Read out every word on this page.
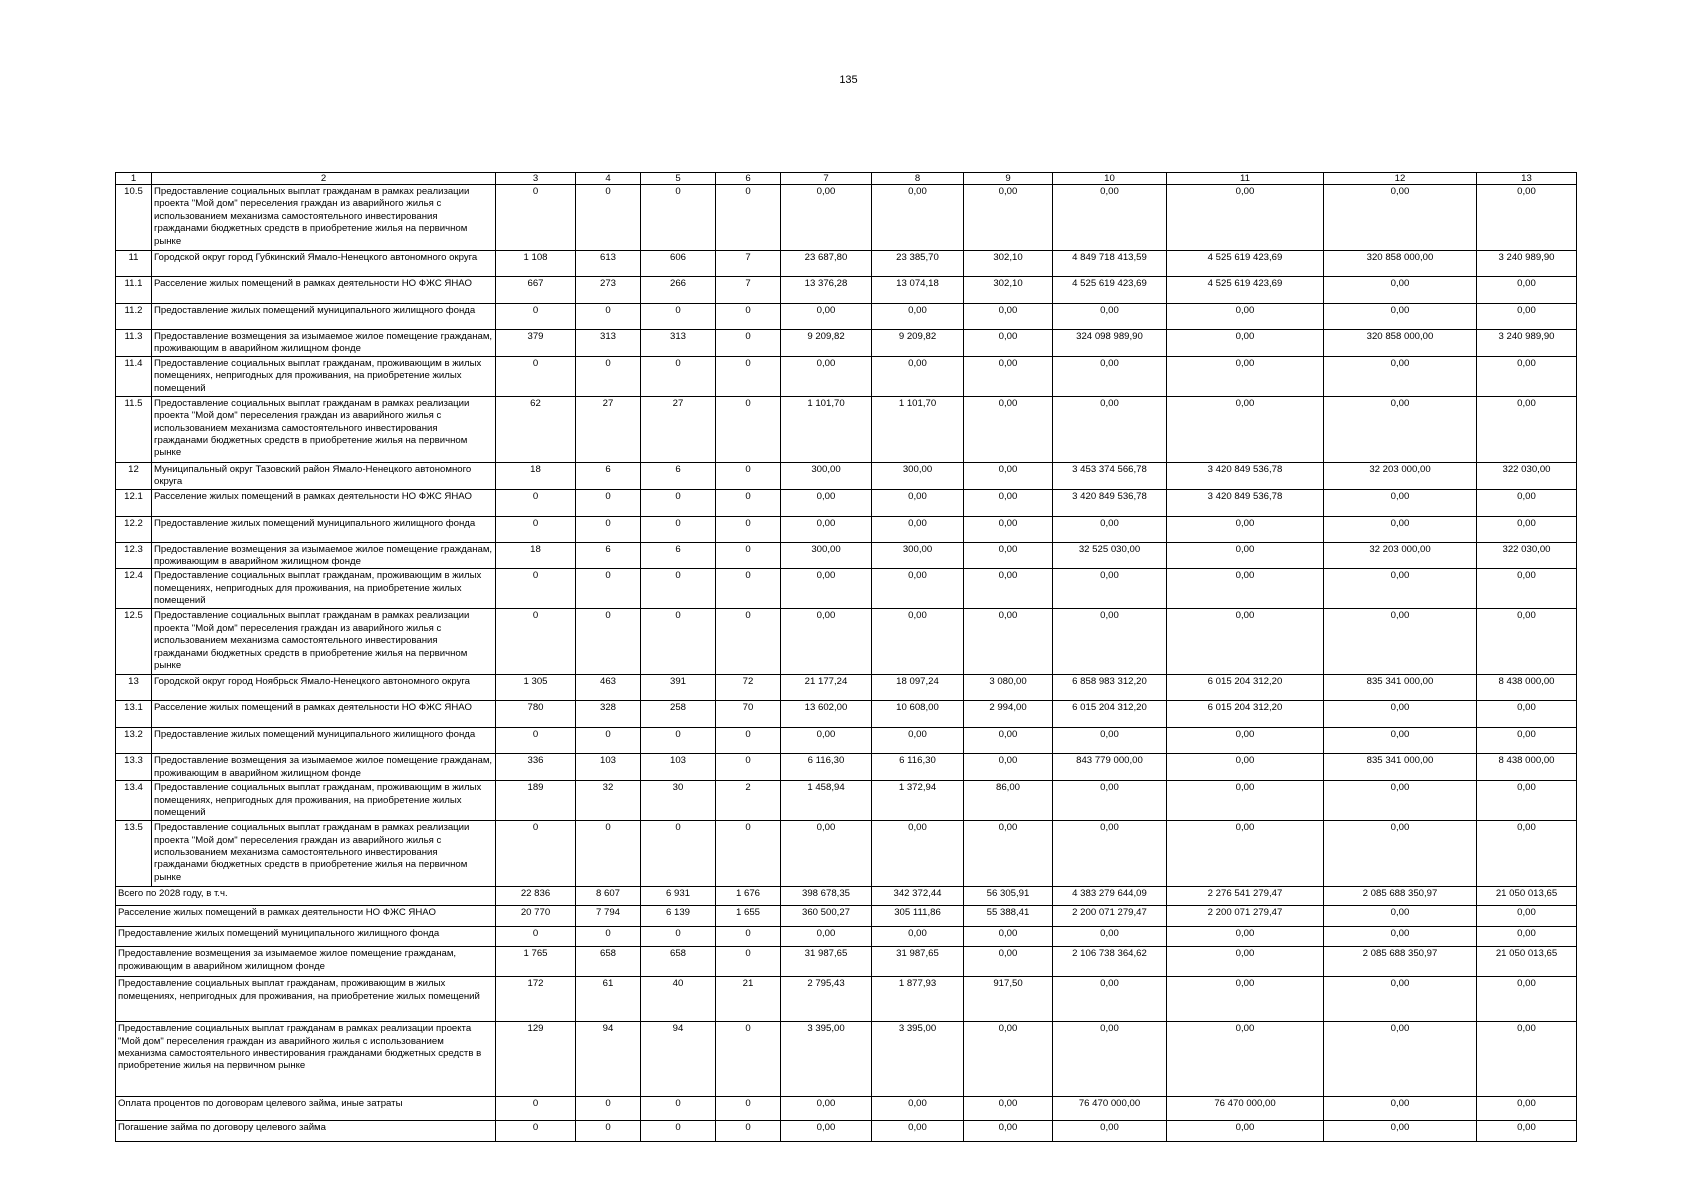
135
1	2	3	4	5	6	7	8	9	10	11	12	13
10.5	Предоставление социальных выплат гражданам в рамках реализации проекта "Мой дом" переселения граждан из аварийного жилья с использованием механизма самостоятельного инвестирования гражданами бюджетных средств в приобретение жилья на первичном рынке	0	0	0	0	0,00	0,00	0,00	0,00	0,00	0,00	0,00
11	Городской округ город Губкинский Ямало-Ненецкого автономного округа	1 108	613	606	7	23 687,80	23 385,70	302,10	4 849 718 413,59	4 525 619 423,69	320 858 000,00	3 240 989,90
11.1	Расселение жилых помещений в рамках деятельности НО ФЖС ЯНАО	667	273	266	7	13 376,28	13 074,18	302,10	4 525 619 423,69	4 525 619 423,69	0,00	0,00
11.2	Предоставление жилых помещений муниципального жилищного фонда	0	0	0	0	0,00	0,00	0,00	0,00	0,00	0,00	0,00
11.3	Предоставление возмещения за изымаемое жилое помещение гражданам, проживающим в аварийном жилищном фонде	379	313	313	0	9 209,82	9 209,82	0,00	324 098 989,90	0,00	320 858 000,00	3 240 989,90
11.4	Предоставление социальных выплат гражданам, проживающим в жилых помещениях, непригодных для проживания, на приобретение жилых помещений	0	0	0	0	0,00	0,00	0,00	0,00	0,00	0,00	0,00
11.5	Предоставление социальных выплат гражданам в рамках реализации проекта "Мой дом" переселения граждан из аварийного жилья с использованием механизма самостоятельного инвестирования гражданами бюджетных средств в приобретение жилья на первичном рынке	62	27	27	0	1 101,70	1 101,70	0,00	0,00	0,00	0,00	0,00
12	Муниципальный округ Тазовский район Ямало-Ненецкого автономного округа	18	6	6	0	300,00	300,00	0,00	3 453 374 566,78	3 420 849 536,78	32 203 000,00	322 030,00
12.1	Расселение жилых помещений в рамках деятельности НО ФЖС ЯНАО	0	0	0	0	0,00	0,00	0,00	3 420 849 536,78	3 420 849 536,78	0,00	0,00
12.2	Предоставление жилых помещений муниципального жилищного фонда	0	0	0	0	0,00	0,00	0,00	0,00	0,00	0,00	0,00
12.3	Предоставление возмещения за изымаемое жилое помещение гражданам, проживающим в аварийном жилищном фонде	18	6	6	0	300,00	300,00	0,00	32 525 030,00	0,00	32 203 000,00	322 030,00
12.4	Предоставление социальных выплат гражданам, проживающим в жилых помещениях, непригодных для проживания, на приобретение жилых помещений	0	0	0	0	0,00	0,00	0,00	0,00	0,00	0,00	0,00
12.5	Предоставление социальных выплат гражданам в рамках реализации проекта "Мой дом" переселения граждан из аварийного жилья с использованием механизма самостоятельного инвестирования гражданами бюджетных средств в приобретение жилья на первичном рынке	0	0	0	0	0,00	0,00	0,00	0,00	0,00	0,00	0,00
13	Городской округ город Ноябрьск Ямало-Ненецкого автономного округа	1 305	463	391	72	21 177,24	18 097,24	3 080,00	6 858 983 312,20	6 015 204 312,20	835 341 000,00	8 438 000,00
13.1	Расселение жилых помещений в рамках деятельности НО ФЖС ЯНАО	780	328	258	70	13 602,00	10 608,00	2 994,00	6 015 204 312,20	6 015 204 312,20	0,00	0,00
13.2	Предоставление жилых помещений муниципального жилищного фонда	0	0	0	0	0,00	0,00	0,00	0,00	0,00	0,00	0,00
13.3	Предоставление возмещения за изымаемое жилое помещение гражданам, проживающим в аварийном жилищном фонде	336	103	103	0	6 116,30	6 116,30	0,00	843 779 000,00	0,00	835 341 000,00	8 438 000,00
13.4	Предоставление социальных выплат гражданам, проживающим в жилых помещениях, непригодных для проживания, на приобретение жилых помещений	189	32	30	2	1 458,94	1 372,94	86,00	0,00	0,00	0,00	0,00
13.5	Предоставление социальных выплат гражданам в рамках реализации проекта "Мой дом" переселения граждан из аварийного жилья с использованием механизма самостоятельного инвестирования гражданами бюджетных средств в приобретение жилья на первичном рынке	0	0	0	0	0,00	0,00	0,00	0,00	0,00	0,00	0,00
Всего по 2028 году, в т.ч.		22 836	8 607	6 931	1 676	398 678,35	342 372,44	56 305,91	4 383 279 644,09	2 276 541 279,47	2 085 688 350,97	21 050 013,65
Расселение жилых помещений в рамках деятельности НО ФЖС ЯНАО		20 770	7 794	6 139	1 655	360 500,27	305 111,86	55 388,41	2 200 071 279,47	2 200 071 279,47	0,00	0,00
Предоставление жилых помещений муниципального жилищного фонда		0	0	0	0	0,00	0,00	0,00	0,00	0,00	0,00	0,00
Предоставление возмещения за изымаемое жилое помещение гражданам, проживающим в аварийном жилищном фонде		1 765	658	658	0	31 987,65	31 987,65	0,00	2 106 738 364,62	0,00	2 085 688 350,97	21 050 013,65
Предоставление социальных выплат гражданам, проживающим в жилых помещениях, непригодных для проживания, на приобретение жилых помещений		172	61	40	21	2 795,43	1 877,93	917,50	0,00	0,00	0,00	0,00
Предоставление социальных выплат гражданам в рамках реализации проекта "Мой дом" переселения граждан из аварийного жилья с использованием механизма самостоятельного инвестирования гражданами бюджетных средств в приобретение жилья на первичном рынке		129	94	94	0	3 395,00	3 395,00	0,00	0,00	0,00	0,00	0,00
Оплата процентов по договорам целевого займа, иные затраты		0	0	0	0	0,00	0,00	0,00	76 470 000,00	76 470 000,00	0,00	0,00
Погашение займа по договору целевого займа		0	0	0	0	0,00	0,00	0,00	0,00	0,00	0,00	0,00
